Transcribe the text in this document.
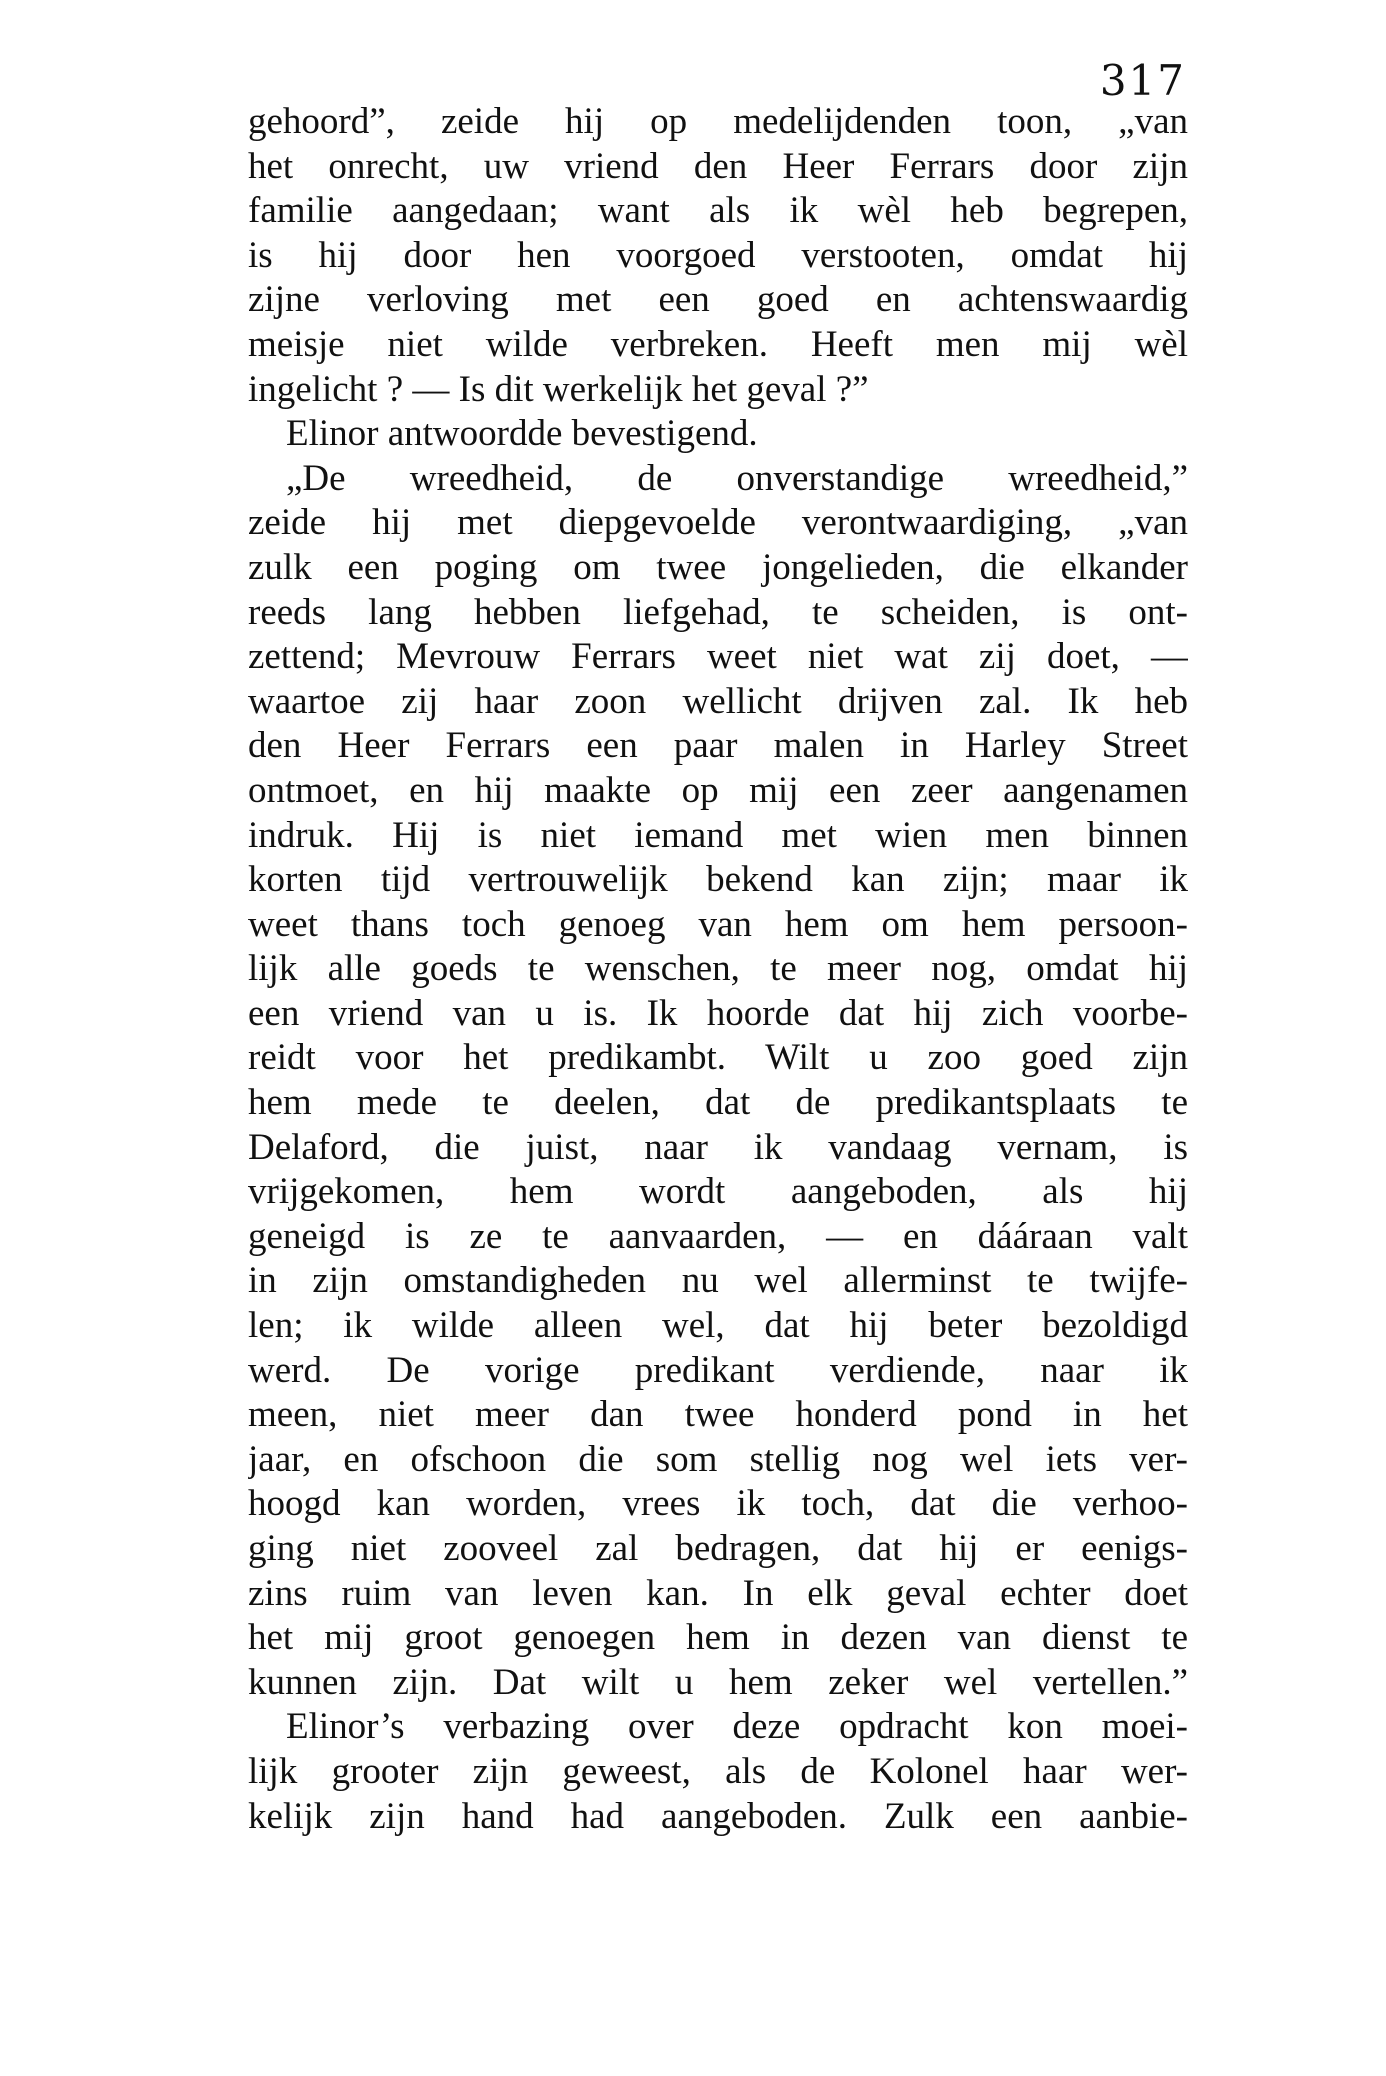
317
gehoord”, zeide hij op medelijdenden toon, „van
het onrecht, uw vriend den Heer Ferrars door zijn
familie aangedaan; want als ik wèl heb begrepen,
is hij door hen voorgoed verstooten, omdat hij
zijne verloving met een goed en achtenswaardig
meisje niet wilde verbreken. Heeft men mij wèl
ingelicht ? — Is dit werkelijk het geval ?”
Elinor antwoordde bevestigend.
„De wreedheid, de onverstandige wreedheid,”
zeide hij met diepgevoelde verontwaardiging, „van
zulk een poging om twee jongelieden, die elkander
reeds lang hebben liefgehad, te scheiden, is ont-
zettend; Mevrouw Ferrars weet niet wat zij doet, —
waartoe zij haar zoon wellicht drijven zal. Ik heb
den Heer Ferrars een paar malen in Harley Street
ontmoet, en hij maakte op mij een zeer aangenamen
indruk. Hij is niet iemand met wien men binnen
korten tijd vertrouwelijk bekend kan zijn; maar ik
weet thans toch genoeg van hem om hem persoon-
lijk alle goeds te wenschen, te meer nog, omdat hij
een vriend van u is. Ik hoorde dat hij zich voorbe-
reidt voor het predikambt. Wilt u zoo goed zijn
hem mede te deelen, dat de predikantsplaats te
Delaford, die juist, naar ik vandaag vernam, is
vrijgekomen, hem wordt aangeboden, als hij
geneigd is ze te aanvaarden, — en dááraan valt
in zijn omstandigheden nu wel allerminst te twijfe-
len; ik wilde alleen wel, dat hij beter bezoldigd
werd. De vorige predikant verdiende, naar ik
meen, niet meer dan twee honderd pond in het
jaar, en ofschoon die som stellig nog wel iets ver-
hoogd kan worden, vrees ik toch, dat die verhoo-
ging niet zooveel zal bedragen, dat hij er eenigs-
zins ruim van leven kan. In elk geval echter doet
het mij groot genoegen hem in dezen van dienst te
kunnen zijn. Dat wilt u hem zeker wel vertellen.”
Elinor’s verbazing over deze opdracht kon moei-
lijk grooter zijn geweest, als de Kolonel haar wer-
kelijk zijn hand had aangeboden. Zulk een aanbie-
